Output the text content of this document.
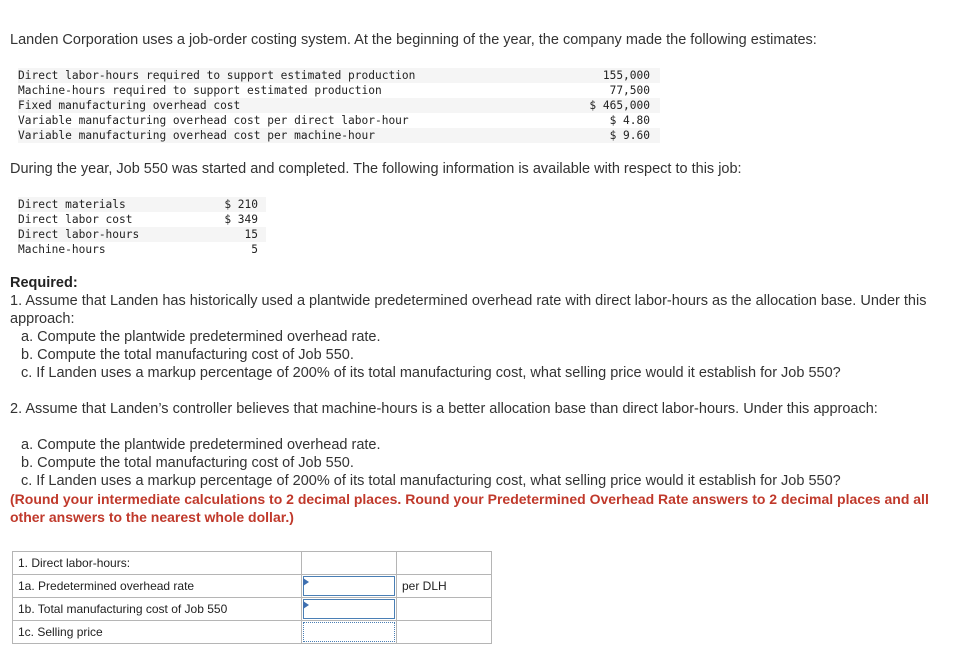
Landen Corporation uses a job-order costing system. At the beginning of the year, the company made the following estimates:

Direct labor-hours required to support estimated production	155,000
Machine-hours required to support estimated production	77,500
Fixed manufacturing overhead cost	$ 465,000
Variable manufacturing overhead cost per direct labor-hour	$ 4.80
Variable manufacturing overhead cost per machine-hour	$ 9.60

During the year, Job 550 was started and completed. The following information is available with respect to this job:

Direct materials	$ 210
Direct labor cost	$ 349
Direct labor-hours	15
Machine-hours	5
Required:

1. Assume that Landen has historically used a plantwide predetermined overhead rate with direct labor-hours as the allocation base. Under this approach:

a. Compute the plantwide predetermined overhead rate.

b. Compute the total manufacturing cost of Job 550.

c. If Landen uses a markup percentage of 200% of its total manufacturing cost, what selling price would it establish for Job 550?

2. Assume that Landen’s controller believes that machine-hours is a better allocation base than direct labor-hours. Under this approach:

a. Compute the plantwide predetermined overhead rate.

b. Compute the total manufacturing cost of Job 550.

c. If Landen uses a markup percentage of 200% of its total manufacturing cost, what selling price would it establish for Job 550?

(Round your intermediate calculations to 2 decimal places. Round your Predetermined Overhead Rate answers to 2 decimal places and all other answers to the nearest whole dollar.)
1. Direct labor-hours:		
1a. Predetermined overhead rate		per DLH
1b. Total manufacturing cost of Job 550	

1c. Selling price	
